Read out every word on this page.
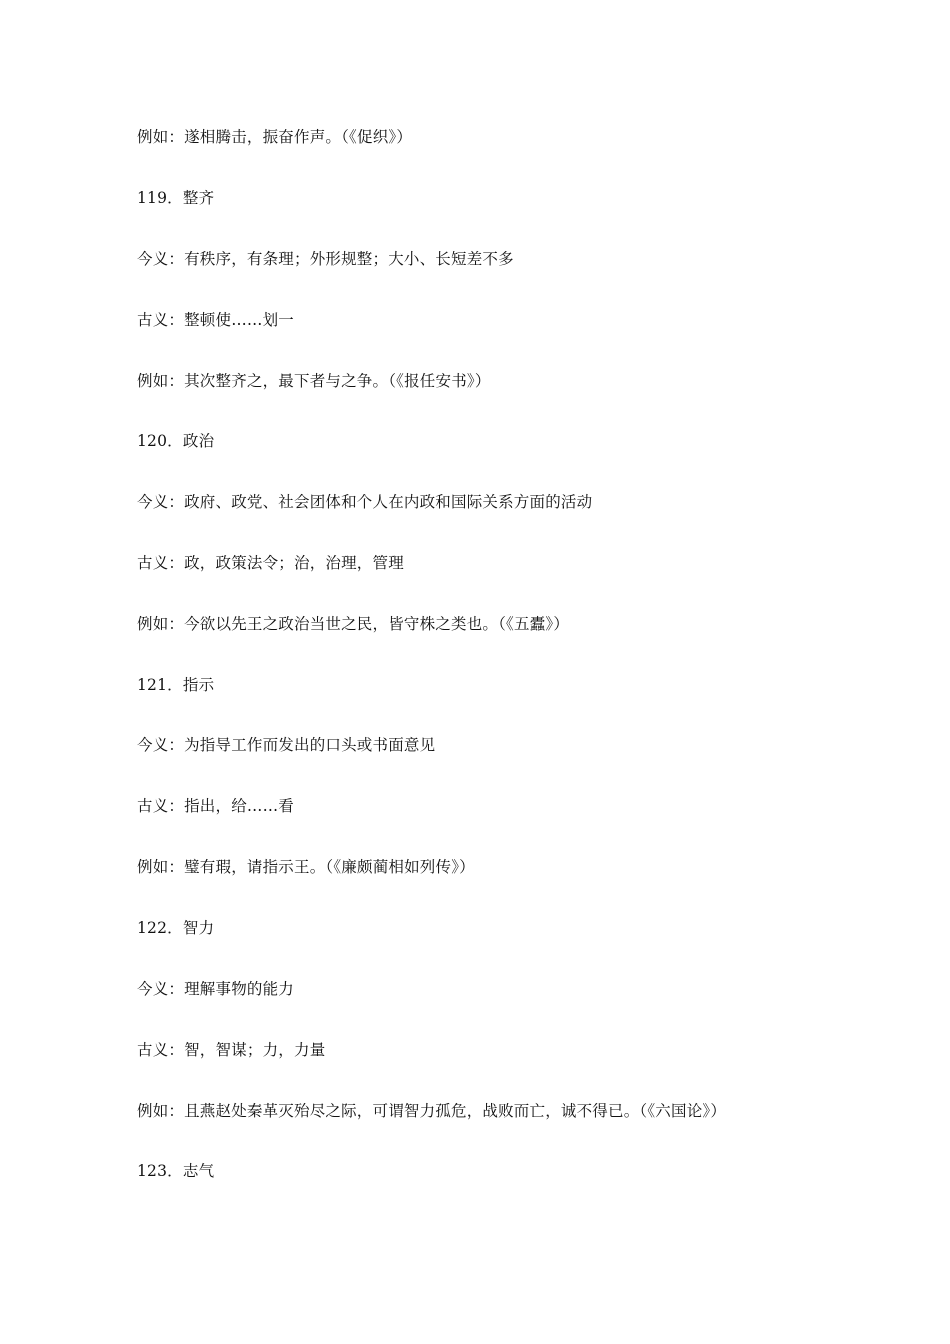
例如：遂相腾击，振奋作声。（《促织》）
119．整齐
今义：有秩序，有条理；外形规整；大小、长短差不多
古义：整顿使……划一
例如：其次整齐之，最下者与之争。（《报任安书》）
120．政治
今义：政府、政党、社会团体和个人在内政和国际关系方面的活动
古义：政，政策法令；治，治理，管理
例如：今欲以先王之政治当世之民，皆守株之类也。（《五蠹》）
121．指示
今义：为指导工作而发出的口头或书面意见
古义：指出，给……看
例如：璧有瑕，请指示王。（《廉颇蔺相如列传》）
122．智力
今义：理解事物的能力
古义：智，智谋；力，力量
例如：且燕赵处秦革灭殆尽之际，可谓智力孤危，战败而亡，诚不得已。（《六国论》）
123．志气
